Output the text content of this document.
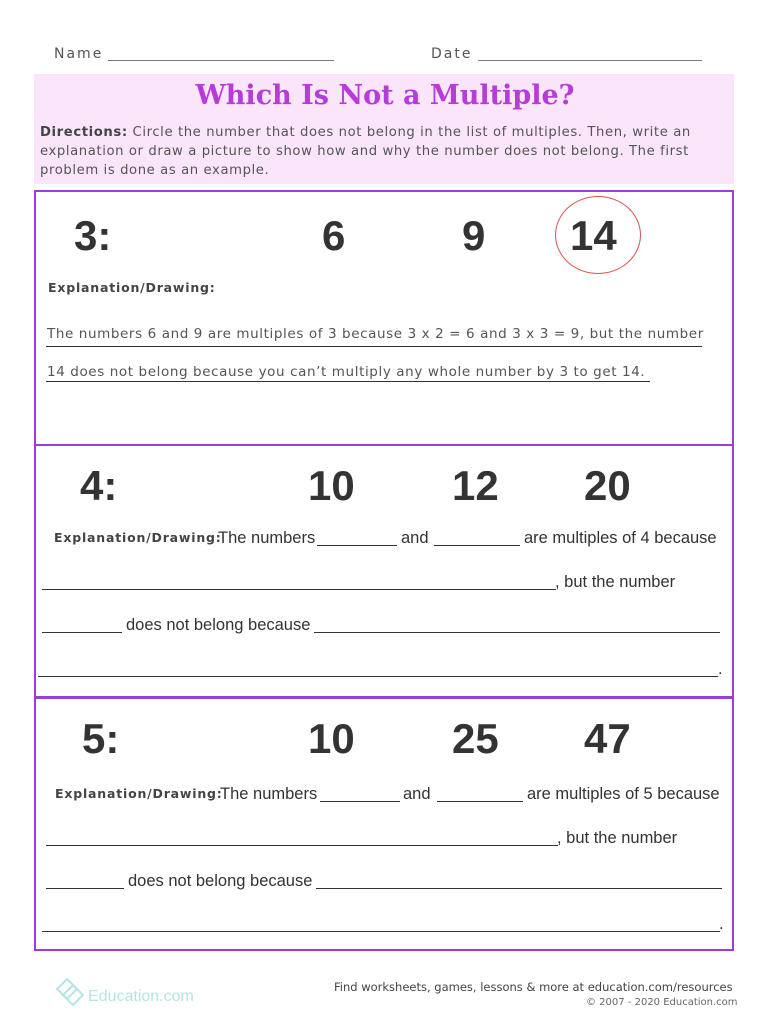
Name	Date
Which Is Not a Multiple?
Directions: Circle the number that does not belong in the list of multiples. Then, write an explanation or draw a picture to show how and why the number does not belong. The first problem is done as an example.
3:	6	9 14
Explanation/Drawing:
The numbers 6 and 9 are multiples of 3 because 3 x 2 = 6 and 3 x 3 = 9, but the number
14 does not belong because you can’t multiply any whole number by 3 to get 14.
4:	10 12 20
Explanation/Drawing:
The numbers	and	are multiples of 4 because
, but the number
does not belong because
.
5:	10 25 47
Explanation/Drawing:
The numbers	and	are multiples of 5 because
, but the number
does not belong because
.
Education.com
Find worksheets, games, lessons & more at education.com/resources
© 2007 - 2020 Education.com
